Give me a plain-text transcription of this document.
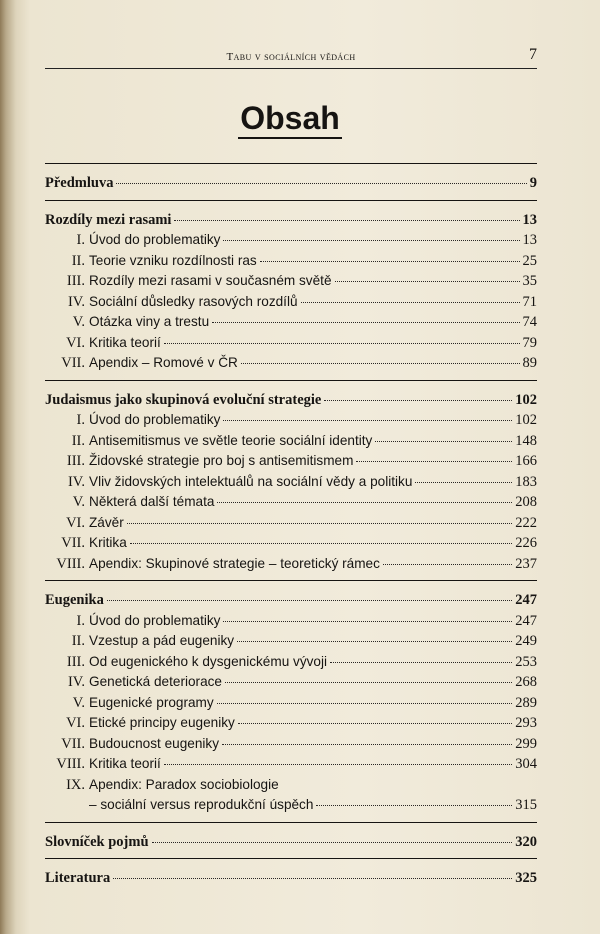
Tabu v sociálních vědách	7
Obsah
Předmluva	9
Rozdíly mezi rasami	13
I. Úvod do problematiky	13
II. Teorie vzniku rozdílnosti ras	25
III. Rozdíly mezi rasami v současném světě	35
IV. Sociální důsledky rasových rozdílů	71
V. Otázka viny a trestu	74
VI. Kritika teorií	79
VII. Apendix – Romové v ČR	89
Judaismus jako skupinová evoluční strategie	102
I. Úvod do problematiky	102
II. Antisemitismus ve světle teorie sociální identity	148
III. Židovské strategie pro boj s antisemitismem	166
IV. Vliv židovských intelektuálů na sociální vědy a politiku	183
V. Některá další témata	208
VI. Závěr	222
VII. Kritika	226
VIII. Apendix: Skupinové strategie – teoretický rámec	237
Eugenika	247
I. Úvod do problematiky	247
II. Vzestup a pád eugeniky	249
III. Od eugenického k dysgenickému vývoji	253
IV. Genetická deteriorace	268
V. Eugenické programy	289
VI. Etické principy eugeniky	293
VII. Budoucnost eugeniky	299
VIII. Kritika teorií	304
IX. Apendix: Paradox sociobiologie
– sociální versus reprodukční úspěch	315
Slovníček pojmů	320
Literatura	325
